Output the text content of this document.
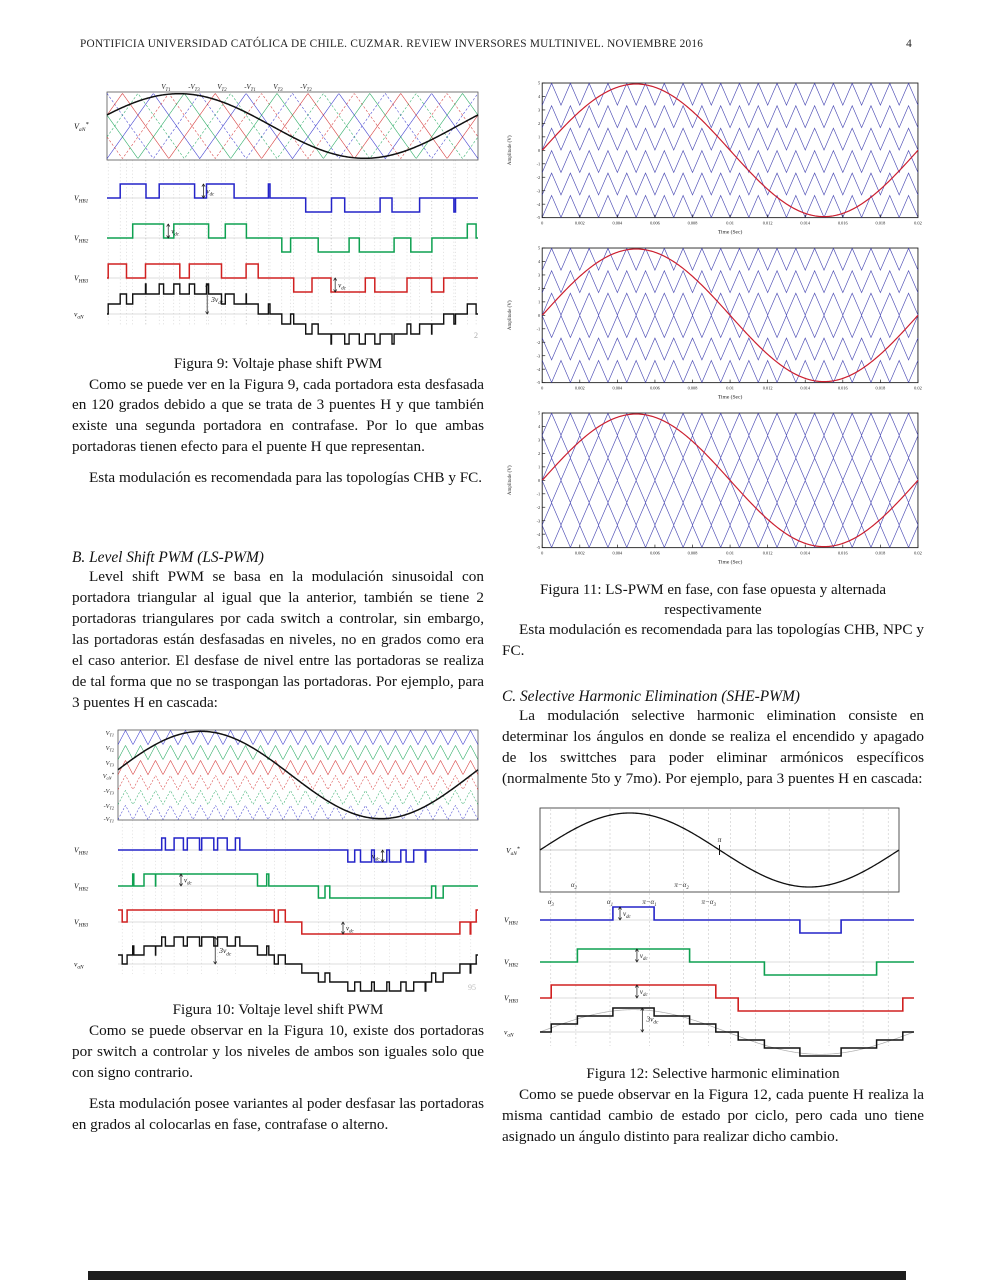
PONTIFICIA UNIVERSIDAD CATÓLICA DE CHILE. CUZMAR. REVIEW INVERSORES MULTINIVEL. NOVIEMBRE 2016	4
$V_{T1}$	$-V_{T3}$	$V_{T2}$	$-V_{T1}$	$V_{T3}$	$-V_{T2}$
$V_{aN}^*$
$V_{HB1}$
$V_{HB2}$
$V_{HB3}$
$v_{aN}$
$v_{dc}$
$v_{dc}$
$v_{dc}$
$3v_{dc}$
2
Figura 9: Voltaje phase shift PWM

Como se puede ver en la Figura 9, cada portadora esta desfasada en 120 grados debido a que se trata de 3 puentes H y que también existe una segunda portadora en contrafase. Por lo que ambas portadoras tienen efecto para el puente H que representan.

Esta modulación es recomendada para las topologías CHB y FC.

B. Level Shift PWM (LS-PWM)

Level shift PWM se basa en la modulación sinusoidal con portadora triangular al igual que la anterior, también se tiene 2 portadoras triangulares por cada switch a controlar, sin embargo, las portadoras están desfasadas en niveles, no en grados como era el caso anterior. El desfase de nivel entre las portadoras se realiza de tal forma que no se traspongan las portadoras. Por ejemplo, para 3 puentes H en cascada:

$V_{T1}$
$V_{T2}$
$V_{T3}$
$V_{aN}^*$
$-V_{T3}$
$-V_{T2}$
$-V_{T1}$
$V_{HB1}$
$V_{HB2}$
$V_{HB3}$
$v_{aN}$
$v_{dc}$
$v_{dc}$
$v_{dc}$
$3v_{dc}$
95
Figura 10: Voltaje level shift PWM

Como se puede observar en la Figura 10, existe dos portadoras por switch a controlar y los niveles de ambos son iguales solo que con signo contrario.

Esta modulación posee variantes al poder desfasar las portadoras en grados al colocarlas en fase, contrafase o alterno.

0	0.002	0.004	0.006	0.008	0.01	0.012	0.014	0.016	0.018	0.02
5
4
3
2
1
0
-1
-2
-3
-4
-5
Amplitude (V)
Time (Sec)
0	0.002	0.004	0.006	0.008	0.01	0.012	0.014	0.016	0.018	0.02
5
4
3
2
1
0
-1
-2
-3
-4
-5
Amplitude (V)
Time (Sec)
0	0.002	0.004	0.006	0.008	0.01	0.012	0.014	0.016	0.018	0.02
5
4
3
2
1
0
-1
-2
-3
-4
-5
Amplitude (V)
Time (Sec)
Figura 11: LS-PWM en fase, con fase opuesta y alternada
respectivamente

Esta modulación es recomendada para las topologías CHB, NPC y FC.

C. Selective Harmonic Elimination (SHE-PWM)

La modulación selective harmonic elimination consiste en determinar los ángulos en donde se realiza el encendido y apagado de los swittches para poder eliminar armónicos específicos (normalmente 5to y 7mo). Por ejemplo, para 3 puentes H en cascada:

π
$V_{aN}^*$
$\alpha_2$	$\pi-\alpha_2$
$\alpha_3$	$\alpha_1$	$\pi-\alpha_1$	$\pi-\alpha_3$
$V_{HB1}$
$V_{HB2}$
$V_{HB3}$
$v_{aN}$
$v_{dc}$
$v_{dc}$
$v_{dc}$
$3v_{dc}$
Figura 12: Selective harmonic elimination

Como se puede observar en la Figura 12, cada puente H realiza la misma cantidad cambio de estado por ciclo, pero cada uno tiene asignado un ángulo distinto para realizar dicho cambio.
